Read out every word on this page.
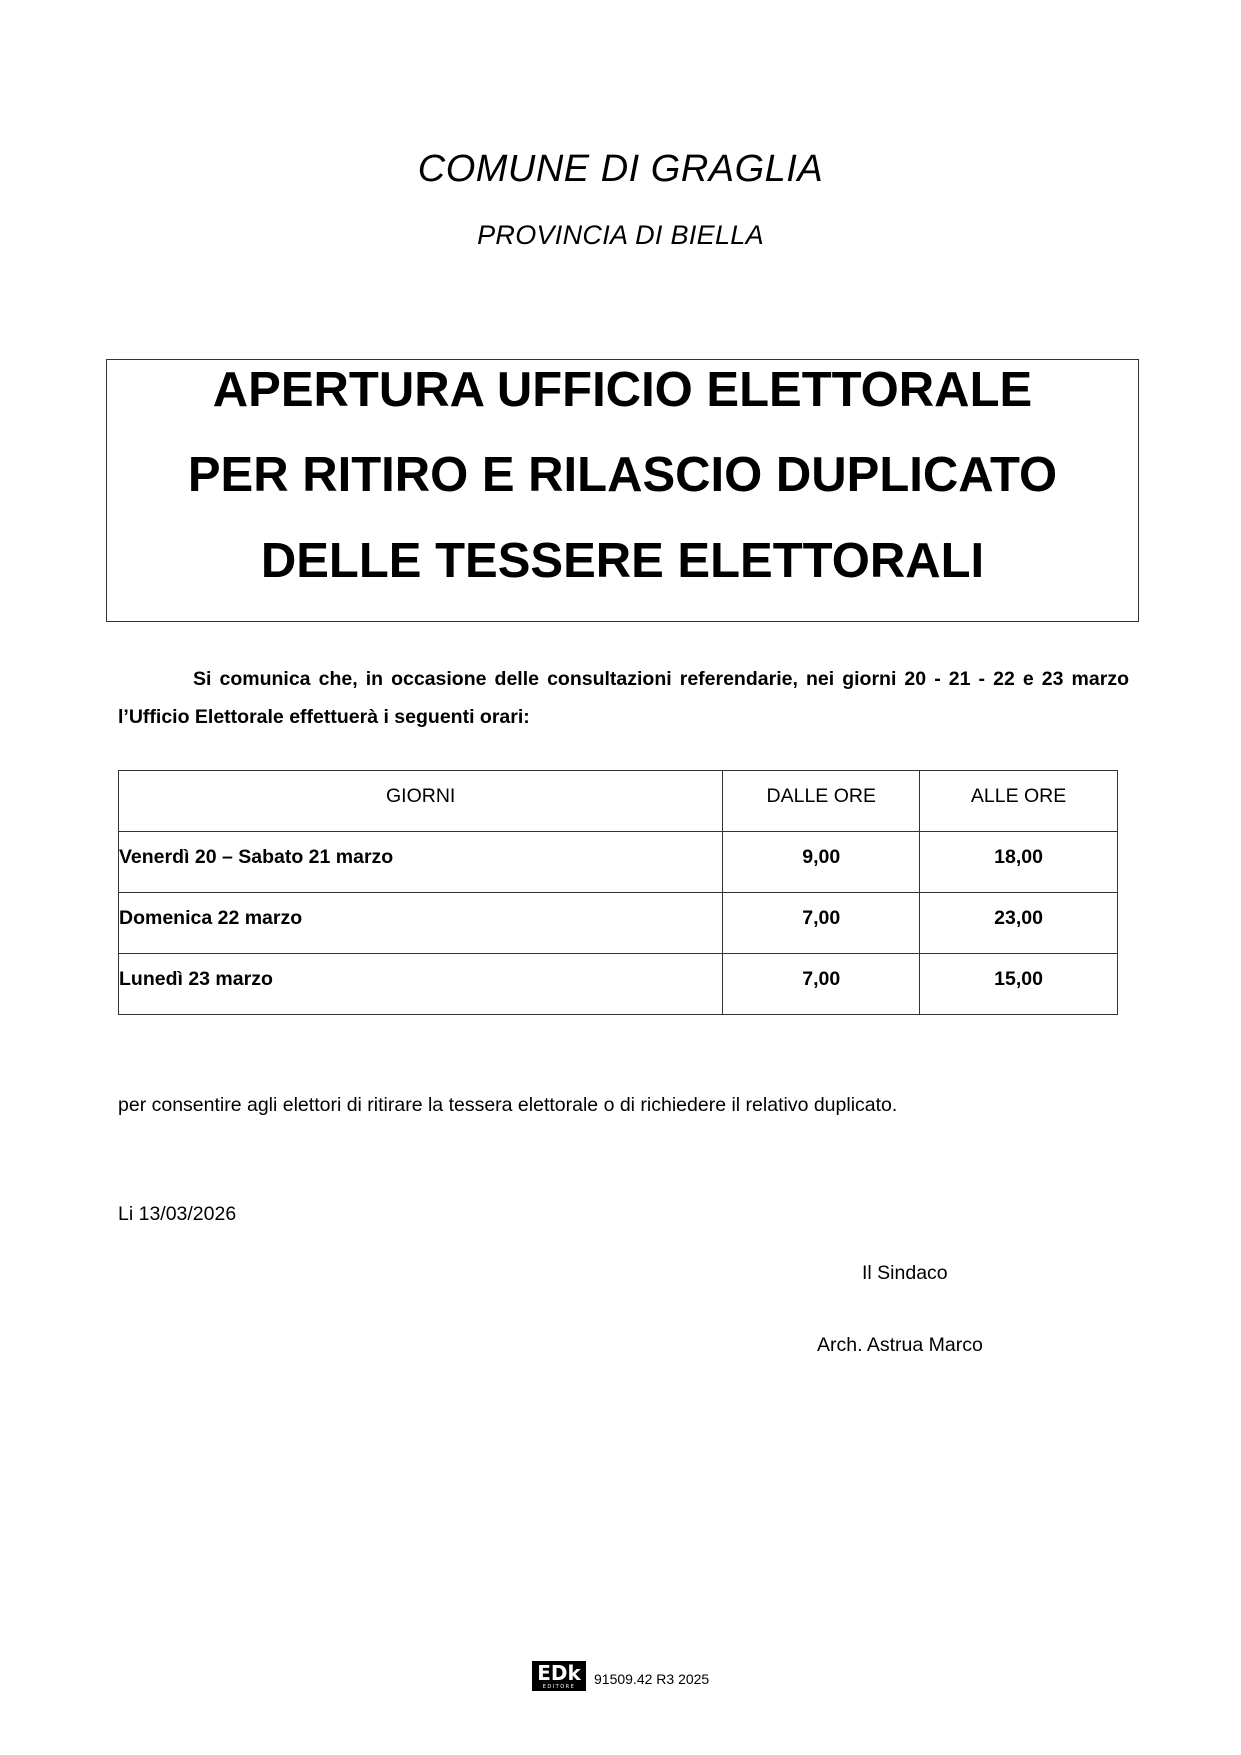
COMUNE DI GRAGLIA
PROVINCIA DI BIELLA
APERTURA UFFICIO ELETTORALE
PER RITIRO E RILASCIO DUPLICATO
DELLE TESSERE ELETTORALI

Si comunica che, in occasione delle consultazioni referendarie, nei giorni 20 - 21 - 22 e 23 marzo l’Ufficio Elettorale effettuerà i seguenti orari:

GIORNI	DALLE ORE	ALLE ORE
Venerdì 20 – Sabato 21 marzo	9,00	18,00
Domenica 22 marzo	7,00	23,00
Lunedì 23 marzo	7,00	15,00
per consentire agli elettori di ritirare la tessera elettorale o di richiedere il relativo duplicato.
Li 13/03/2026
Il Sindaco
Arch. Astrua Marco
EDk
EDITORE	91509.42 R3 2025
